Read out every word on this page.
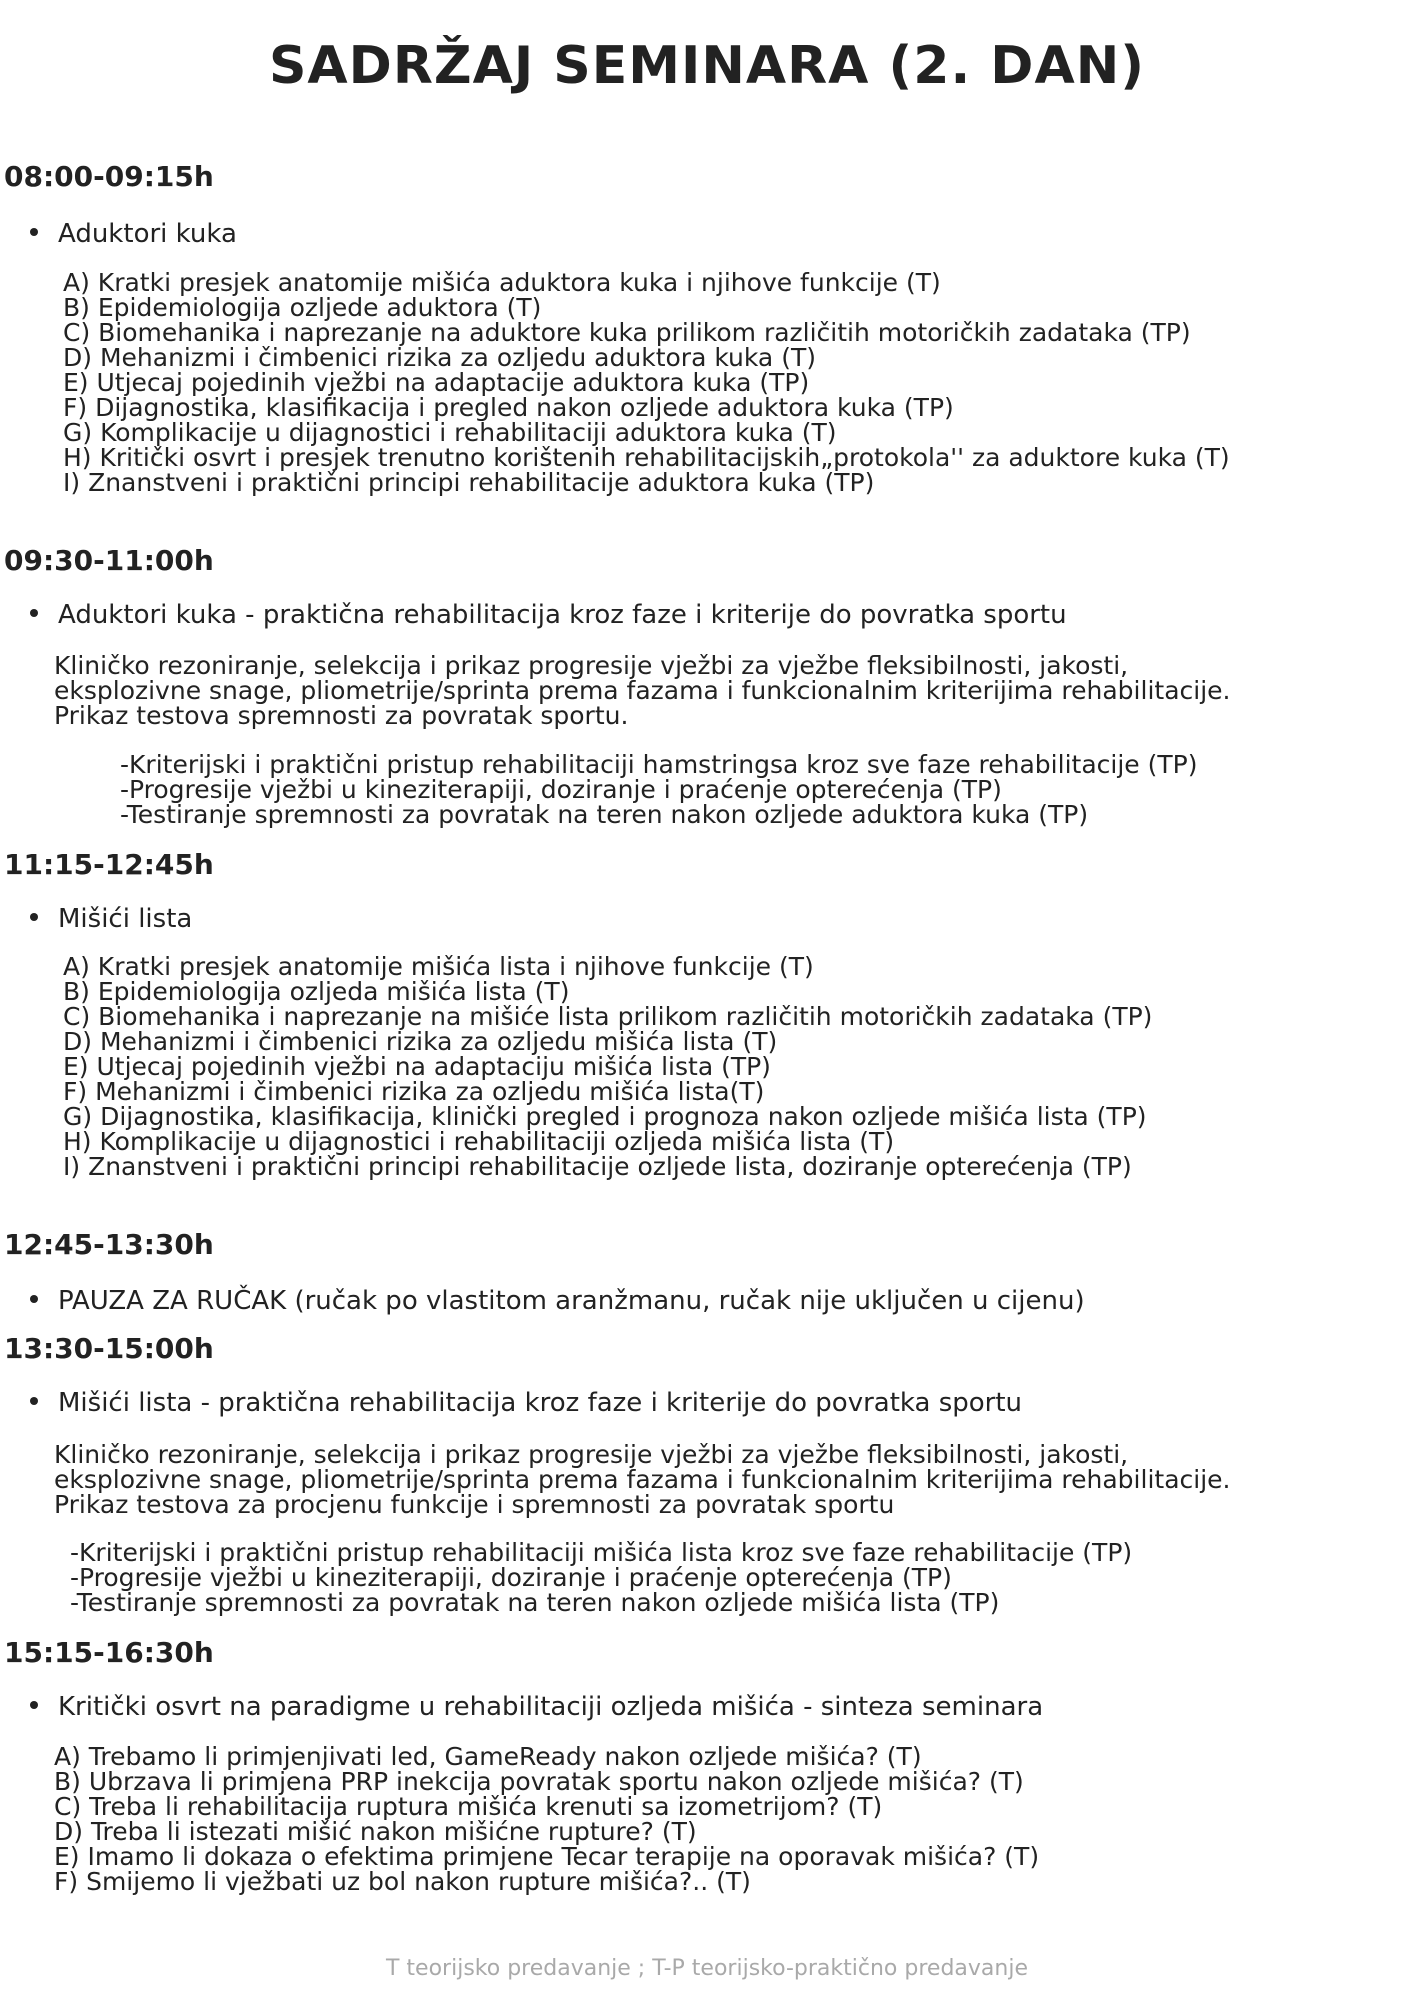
SADRŽAJ SEMINARA (2. DAN)
08:00-09:15h
Aduktori kuka
A) Kratki presjek anatomije mišića aduktora kuka i njihove funkcije (T)
B) Epidemiologija ozljede aduktora (T)
C) Biomehanika i naprezanje na aduktore kuka prilikom različitih motoričkih zadataka (TP)
D) Mehanizmi i čimbenici rizika za ozljedu aduktora kuka (T)
E) Utjecaj pojedinih vježbi na adaptacije aduktora kuka (TP)
F) Dijagnostika, klasifikacija i pregled nakon ozljede aduktora kuka (TP)
G) Komplikacije u dijagnostici i rehabilitaciji aduktora kuka (T)
H) Kritički osvrt i presjek trenutno korištenih rehabilitacijskih„protokola'' za aduktore kuka (T)
I) Znanstveni i praktični principi rehabilitacije aduktora kuka (TP)
09:30-11:00h
Aduktori kuka - praktična rehabilitacija kroz faze i kriterije do povratka sportu
Kliničko rezoniranje, selekcija i prikaz progresije vježbi za vježbe fleksibilnosti, jakosti,
eksplozivne snage, pliometrije/sprinta prema fazama i funkcionalnim kriterijima rehabilitacije.
Prikaz testova spremnosti za povratak sportu.
-Kriterijski i praktični pristup rehabilitaciji hamstringsa kroz sve faze rehabilitacije (TP)
-Progresije vježbi u kineziterapiji, doziranje i praćenje opterećenja (TP)
-Testiranje spremnosti za povratak na teren nakon ozljede aduktora kuka (TP)
11:15-12:45h
Mišići lista
A) Kratki presjek anatomije mišića lista i njihove funkcije (T)
B) Epidemiologija ozljeda mišića lista (T)
C) Biomehanika i naprezanje na mišiće lista prilikom različitih motoričkih zadataka (TP)
D) Mehanizmi i čimbenici rizika za ozljedu mišića lista (T)
E) Utjecaj pojedinih vježbi na adaptaciju mišića lista (TP)
F) Mehanizmi i čimbenici rizika za ozljedu mišića lista(T)
G) Dijagnostika, klasifikacija, klinički pregled i prognoza nakon ozljede mišića lista (TP)
H) Komplikacije u dijagnostici i rehabilitaciji ozljeda mišića lista (T)
I) Znanstveni i praktični principi rehabilitacije ozljede lista, doziranje opterećenja (TP)
12:45-13:30h
PAUZA ZA RUČAK (ručak po vlastitom aranžmanu, ručak nije uključen u cijenu)
13:30-15:00h
Mišići lista - praktična rehabilitacija kroz faze i kriterije do povratka sportu
Kliničko rezoniranje, selekcija i prikaz progresije vježbi za vježbe fleksibilnosti, jakosti,
eksplozivne snage, pliometrije/sprinta prema fazama i funkcionalnim kriterijima rehabilitacije.
Prikaz testova za procjenu funkcije i spremnosti za povratak sportu
-Kriterijski i praktični pristup rehabilitaciji mišića lista kroz sve faze rehabilitacije (TP)
-Progresije vježbi u kineziterapiji, doziranje i praćenje opterećenja (TP)
-Testiranje spremnosti za povratak na teren nakon ozljede mišića lista (TP)
15:15-16:30h
Kritički osvrt na paradigme u rehabilitaciji ozljeda mišića - sinteza seminara
A) Trebamo li primjenjivati led, GameReady nakon ozljede mišića? (T)
B) Ubrzava li primjena PRP inekcija povratak sportu nakon ozljede mišića? (T)
C) Treba li rehabilitacija ruptura mišića krenuti sa izometrijom? (T)
D) Treba li istezati mišić nakon mišićne rupture? (T)
E) Imamo li dokaza o efektima primjene Tecar terapije na oporavak mišića? (T)
F) Smijemo li vježbati uz bol nakon rupture mišića?.. (T)
T teorijsko predavanje ; T-P teorijsko-praktično predavanje
